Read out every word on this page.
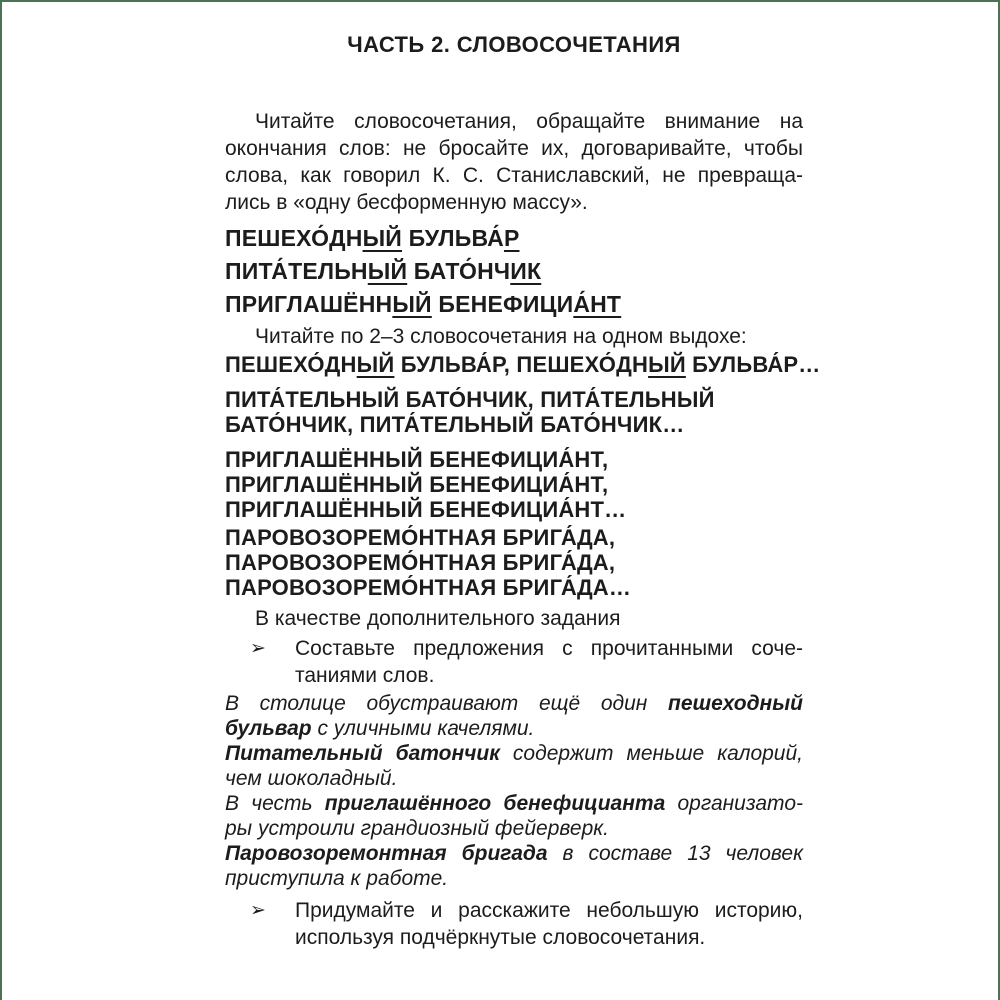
ЧАСТЬ 2. СЛОВОСОЧЕТАНИЯ
Читайте словосочетания, обращайте внимание на
окончания слов: не бросайте их, договаривайте, чтобы
слова, как говорил К. С. Станиславский, не превраща-
лись в «одну бесформенную массу».
ПЕШЕХО́ДНЫЙ БУЛЬВА́Р
ПИТА́ТЕЛЬНЫЙ БАТО́НЧИК
ПРИГЛАШЁННЫЙ БЕНЕФИЦИА́НТ
Читайте по 2–3 словосочетания на одном выдохе:
ПЕШЕХО́ДНЫЙ БУЛЬВА́Р, ПЕШЕХО́ДНЫЙ БУЛЬВА́Р…
ПИТА́ТЕЛЬНЫЙ БАТО́НЧИК, ПИТА́ТЕЛЬНЫЙ
БАТО́НЧИК, ПИТА́ТЕЛЬНЫЙ БАТО́НЧИК…
ПРИГЛАШЁННЫЙ БЕНЕФИЦИА́НТ,
ПРИГЛАШЁННЫЙ БЕНЕФИЦИА́НТ,
ПРИГЛАШЁННЫЙ БЕНЕФИЦИА́НТ…
ПАРОВОЗОРЕМО́НТНАЯ БРИГА́ДА,
ПАРОВОЗОРЕМО́НТНАЯ БРИГА́ДА,
ПАРОВОЗОРЕМО́НТНАЯ БРИГА́ДА…
В качестве дополнительного задания
➢	Составьте предложения с прочитанными соче-
таниями слов.
В столице обустраивают ещё один пешеходный
бульвар с уличными качелями.
Питательный батончик содержит меньше калорий,
чем шоколадный.
В честь приглашённого бенефицианта организато-
ры устроили грандиозный фейерверк.
Паровозоремонтная бригада в составе 13 человек
приступила к работе.
➢	Придумайте и расскажите небольшую историю,
используя подчёркнутые словосочетания.
